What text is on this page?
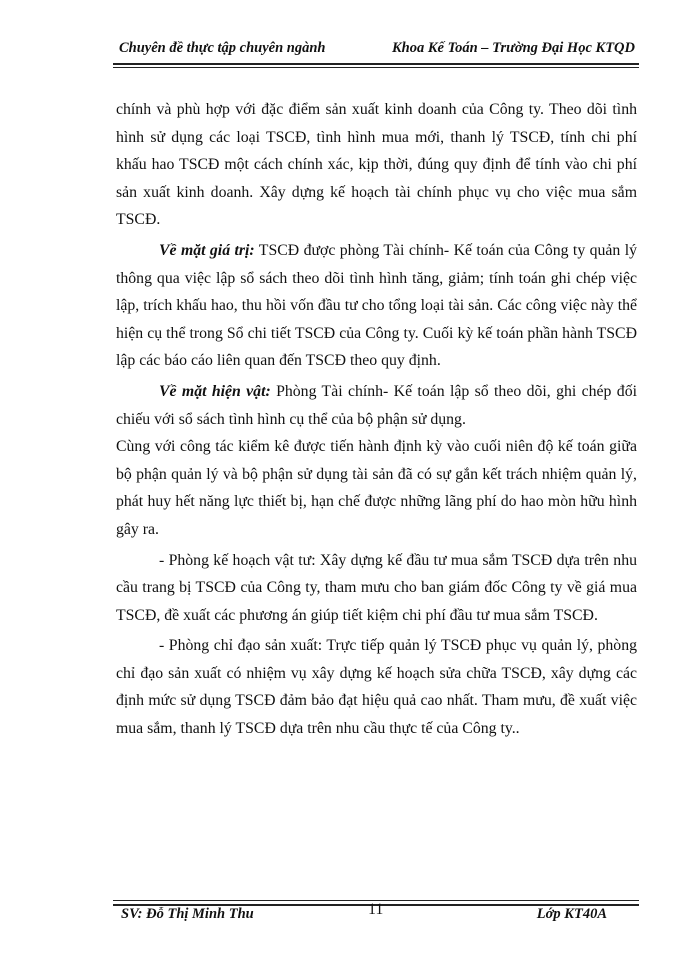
Chuyên đề thực tập chuyên ngành	Khoa Kế Toán – Trường Đại Học KTQD

chính và phù hợp với đặc điểm sản xuất kinh doanh của Công ty. Theo dõi tình hình sử dụng các loại TSCĐ, tình hình mua mới, thanh lý TSCĐ, tính chi phí khấu hao TSCĐ một cách chính xác, kịp thời, đúng quy định để tính vào chi phí sản xuất kinh doanh. Xây dựng kế hoạch tài chính phục vụ cho việc mua sắm TSCĐ.

Về mặt giá trị: TSCĐ được phòng Tài chính- Kế toán của Công ty quản lý thông qua việc lập sổ sách theo dõi tình hình tăng, giảm; tính toán ghi chép việc lập, trích khấu hao, thu hồi vốn đầu tư cho tổng loại tài sản. Các công việc này thể hiện cụ thể trong Sổ chi tiết TSCĐ của Công ty. Cuối kỳ kế toán phần hành TSCĐ lập các báo cáo liên quan đến TSCĐ theo quy định.

Về mặt hiện vật: Phòng Tài chính- Kế toán lập sổ theo dõi, ghi chép đối chiếu với sổ sách tình hình cụ thể của bộ phận sử dụng.

Cùng với công tác kiểm kê được tiến hành định kỳ vào cuối niên độ kế toán giữa bộ phận quản lý và bộ phận sử dụng tài sản đã có sự gắn kết trách nhiệm quản lý, phát huy hết năng lực thiết bị, hạn chế được những lãng phí do hao mòn hữu hình gây ra.

- Phòng kế hoạch vật tư: Xây dựng kế đầu tư mua sắm TSCĐ dựa trên nhu cầu trang bị TSCĐ của Công ty, tham mưu cho ban giám đốc Công ty về giá mua TSCĐ, đề xuất các phương án giúp tiết kiệm chi phí đầu tư mua sắm TSCĐ.

- Phòng chỉ đạo sản xuất: Trực tiếp quản lý TSCĐ phục vụ quản lý, phòng chỉ đạo sản xuất có nhiệm vụ xây dựng kế hoạch sửa chữa TSCĐ, xây dựng các định mức sử dụng TSCĐ đảm bảo đạt hiệu quả cao nhất. Tham mưu, đề xuất việc mua sắm, thanh lý TSCĐ dựa trên nhu cầu thực tế của Công ty..

SV: Đỗ Thị Minh Thu	11	Lớp KT40A
